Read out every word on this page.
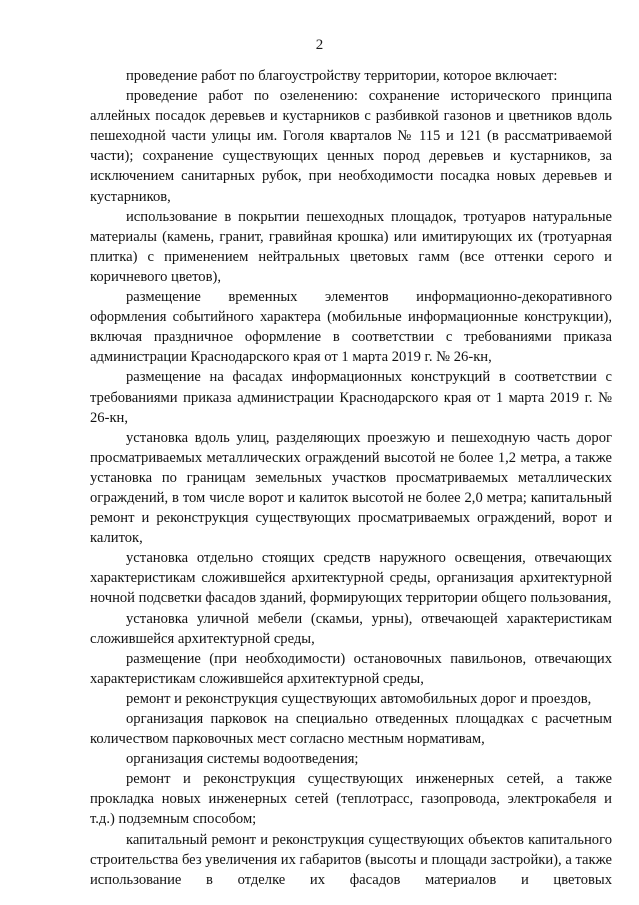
2

проведение работ по благоустройству территории, которое включает:

проведение работ по озеленению: сохранение исторического принципа аллейных посадок деревьев и кустарников с разбивкой газонов и цветников вдоль пешеходной части улицы им. Гоголя кварталов № 115 и 121 (в рассматриваемой части); сохранение существующих ценных пород деревьев и кустарников, за исключением санитарных рубок, при необходимости посадка новых деревьев и кустарников,

использование в покрытии пешеходных площадок, тротуаров натуральные материалы (камень, гранит, гравийная крошка) или имитирующих их (тротуарная плитка) с применением нейтральных цветовых гамм (все оттенки серого и коричневого цветов),

размещение временных элементов информационно-декоративного оформления событийного характера (мобильные информационные конструкции), включая праздничное оформление в соответствии с требованиями приказа администрации Краснодарского края от 1 марта 2019 г. № 26-кн,

размещение на фасадах информационных конструкций в соответствии с требованиями приказа администрации Краснодарского края от 1 марта 2019 г. № 26-кн,

установка вдоль улиц, разделяющих проезжую и пешеходную часть дорог просматриваемых металлических ограждений высотой не более 1,2 метра, а также установка по границам земельных участков просматриваемых металлических ограждений, в том числе ворот и калиток высотой не более 2,0 метра; капитальный ремонт и реконструкция существующих просматриваемых ограждений, ворот и калиток,

установка отдельно стоящих средств наружного освещения, отвечающих характеристикам сложившейся архитектурной среды, организация архитектурной ночной подсветки фасадов зданий, формирующих территории общего пользования,

установка уличной мебели (скамьи, урны), отвечающей характеристикам сложившейся архитектурной среды,

размещение (при необходимости) остановочных павильонов, отвечающих характеристикам сложившейся архитектурной среды,

ремонт и реконструкция существующих автомобильных дорог и проездов,

организация парковок на специально отведенных площадках с расчетным количеством парковочных мест согласно местным нормативам,

организация системы водоотведения;

ремонт и реконструкция существующих инженерных сетей, а также прокладка новых инженерных сетей (теплотрасс, газопровода, электрокабеля и т.д.) подземным способом;

капитальный ремонт и реконструкция существующих объектов капитального строительства без увеличения их габаритов (высоты и площади застройки), а также использование в отделке их фасадов материалов и цветовых
